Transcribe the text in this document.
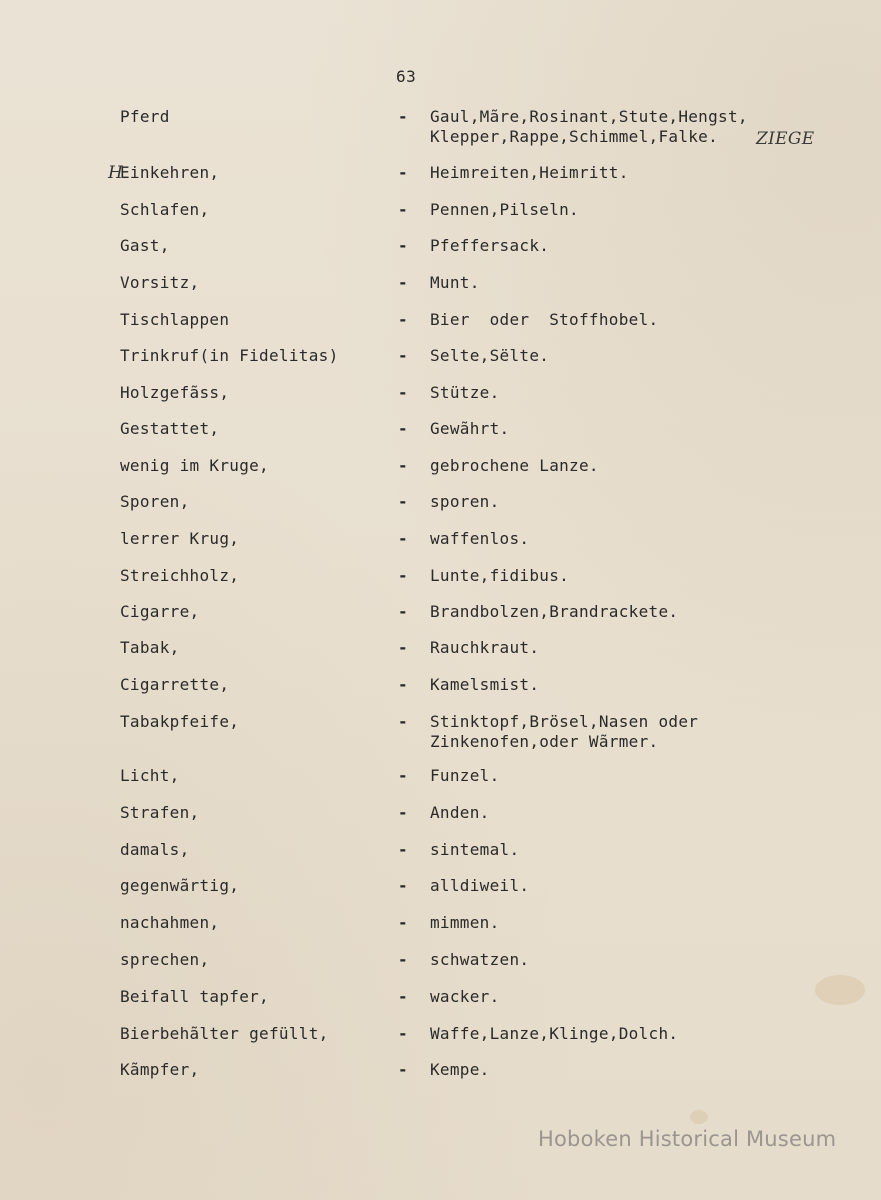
63
Pferd	- Gaul,Mãre,Rosinant,Stute,Hengst,
Klepper,Rappe,Schimmel,Falke.	ZIEGE
H
Einkehren,	- Heimreiten,Heimritt.
Schlafen,	- Pennen,Pilseln.
Gast,	- Pfeffersack.
Vorsitz,	- Munt.
Tischlappen	- Bier  oder  Stoffhobel.
Trinkruf(in Fidelitas)	- Selte,Sëlte.
Holzgefãss,	- Stützе.
Gestattet,	- Gewãhrt.
wenig im Kruge,	- gebrochene Lanze.
Sporen,	- sporen.
lerrer Krug,	- waffenlos.
Streichholz,	- Lunte,fidibus.
Cigarre,	- Brandbolzen,Brandrackete.
Tabak,	- Rauchkraut.
Cigarrette,	- Kamelsmist.
Tabakpfeife,	- Stinktopf,Brösel,Nasen oder
Zinkenofen,oder Wãrmer.
Licht,	- Funzel.
Strafen,	- Anden.
damals,	- sintemal.
gegenwãrtig,	- alldiweil.
nachahmen,	- mimmen.
sprechen,	- schwatzen.
Beifall tapfer,	- wacker.
Bierbehãlter gefüllt,	- Waffe,Lanze,Klinge,Dolch.
Kãmpfer,	- Kempe.
Hoboken Historical Museum
